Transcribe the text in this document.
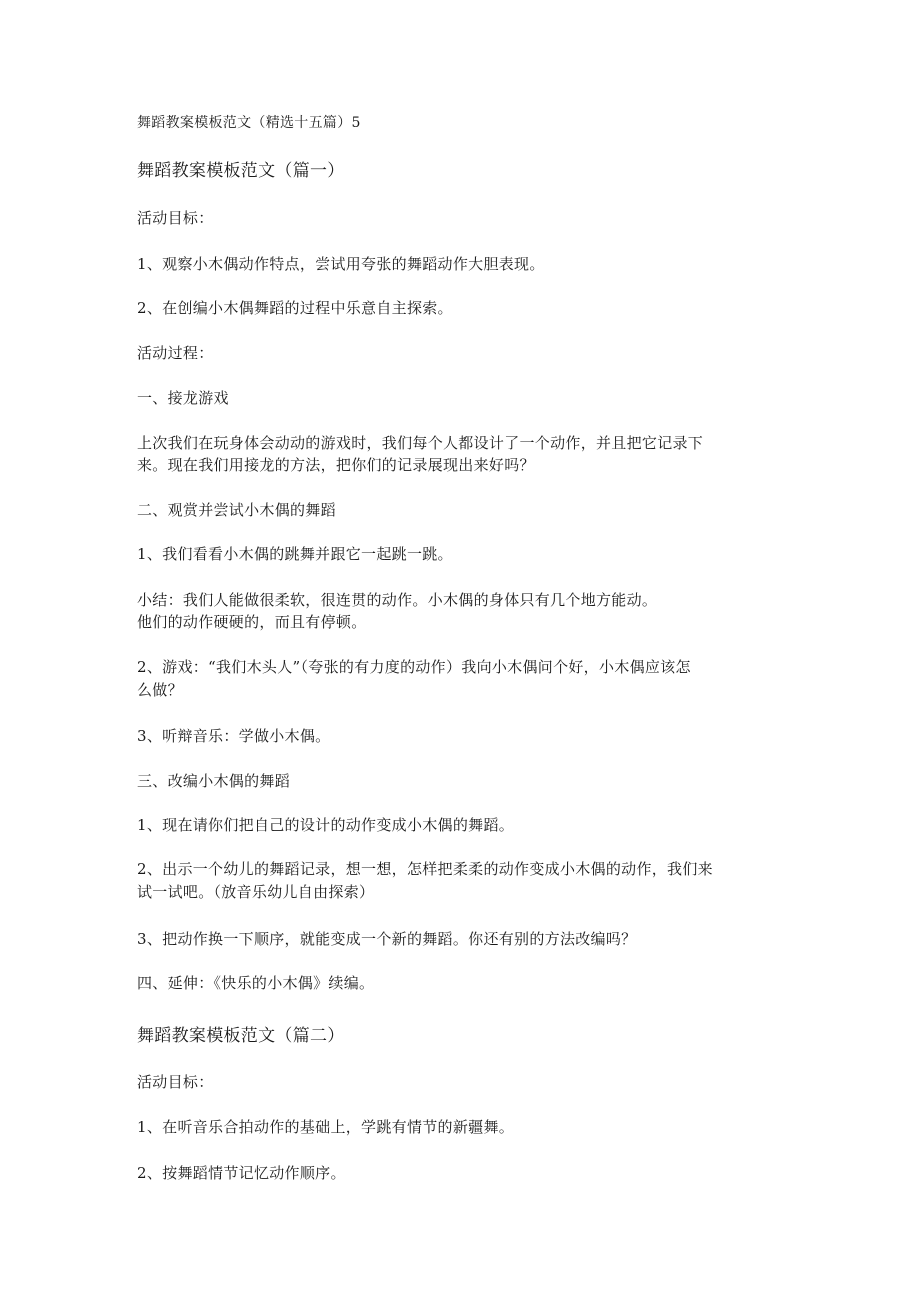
舞蹈教案模板范文（精选十五篇）5
舞蹈教案模板范文（篇一）
活动目标：
1、观察小木偶动作特点，尝试用夸张的舞蹈动作大胆表现。
2、在创编小木偶舞蹈的过程中乐意自主探索。
活动过程：
一、接龙游戏
上次我们在玩身体会动动的游戏时，我们每个人都设计了一个动作，并且把它记录下
来。现在我们用接龙的方法，把你们的记录展现出来好吗？
二、观赏并尝试小木偶的舞蹈
1、我们看看小木偶的跳舞并跟它一起跳一跳。
小结：我们人能做很柔软，很连贯的动作。小木偶的身体只有几个地方能动。
他们的动作硬硬的，而且有停顿。
2、游戏：“我们木头人”（夸张的有力度的动作）我向小木偶问个好，小木偶应该怎
么做？
3、听辩音乐：学做小木偶。
三、改编小木偶的舞蹈
1、现在请你们把自己的设计的动作变成小木偶的舞蹈。
2、出示一个幼儿的舞蹈记录，想一想，怎样把柔柔的动作变成小木偶的动作，我们来
试一试吧。（放音乐幼儿自由探索）
3、把动作换一下顺序，就能变成一个新的舞蹈。你还有别的方法改编吗？
四、延伸：《快乐的小木偶》续编。
舞蹈教案模板范文（篇二）
活动目标：
1、在听音乐合拍动作的基础上，学跳有情节的新疆舞。
2、按舞蹈情节记忆动作顺序。
